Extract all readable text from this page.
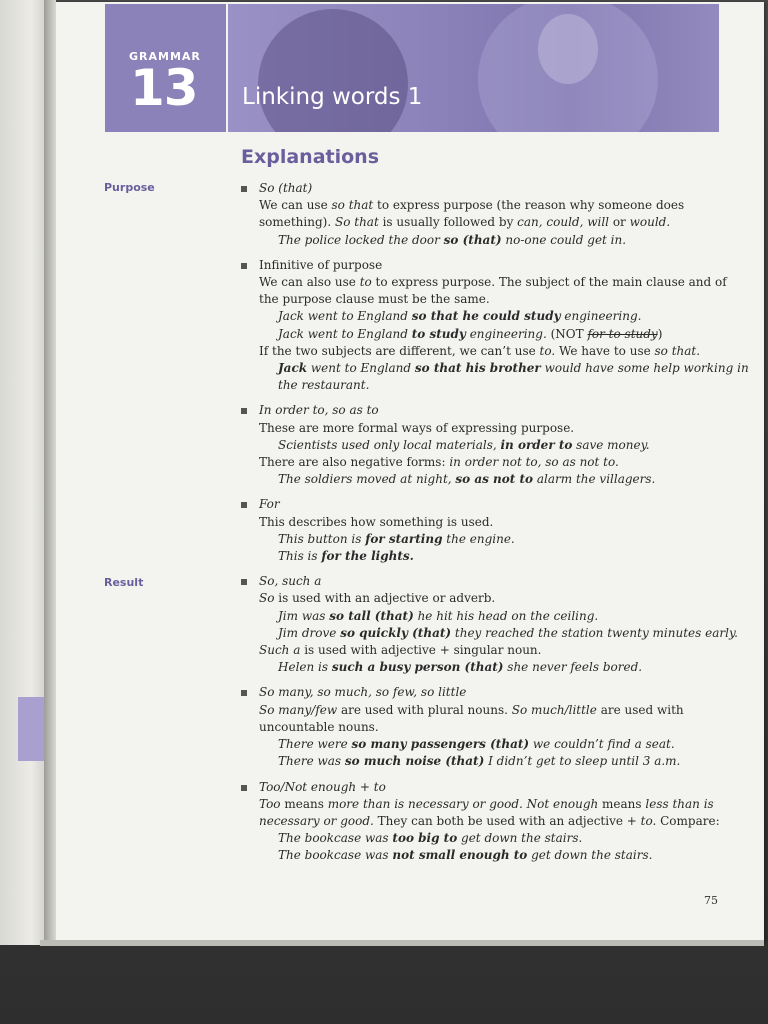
GRAMMAR
13 Linking words 1
Explanations
Purpose
Result
So (that)
We can use so that to express purpose (the reason why someone does
something). So that is usually followed by can, could, will or would.
The police locked the door so (that) no-one could get in.
Infinitive of purpose
We can also use to to express purpose. The subject of the main clause and of
the purpose clause must be the same.
Jack went to England so that he could study engineering.
Jack went to England to study engineering. (NOT for to study)
If the two subjects are different, we can’t use to. We have to use so that.
Jack went to England so that his brother would have some help working in
the restaurant.
In order to, so as to
These are more formal ways of expressing purpose.
Scientists used only local materials, in order to save money.
There are also negative forms: in order not to, so as not to.
The soldiers moved at night, so as not to alarm the villagers.
For
This describes how something is used.
This button is for starting the engine.
This is for the lights.
So, such a
So is used with an adjective or adverb.
Jim was so tall (that) he hit his head on the ceiling.
Jim drove so quickly (that) they reached the station twenty minutes early.
Such a is used with adjective + singular noun.
Helen is such a busy person (that) she never feels bored.
So many, so much, so few, so little
So many/few are used with plural nouns. So much/little are used with
uncountable nouns.
There were so many passengers (that) we couldn’t find a seat.
There was so much noise (that) I didn’t get to sleep until 3 a.m.
Too/Not enough + to
Too means more than is necessary or good. Not enough means less than is
necessary or good. They can both be used with an adjective + to. Compare:
The bookcase was too big to get down the stairs.
The bookcase was not small enough to get down the stairs.
75
